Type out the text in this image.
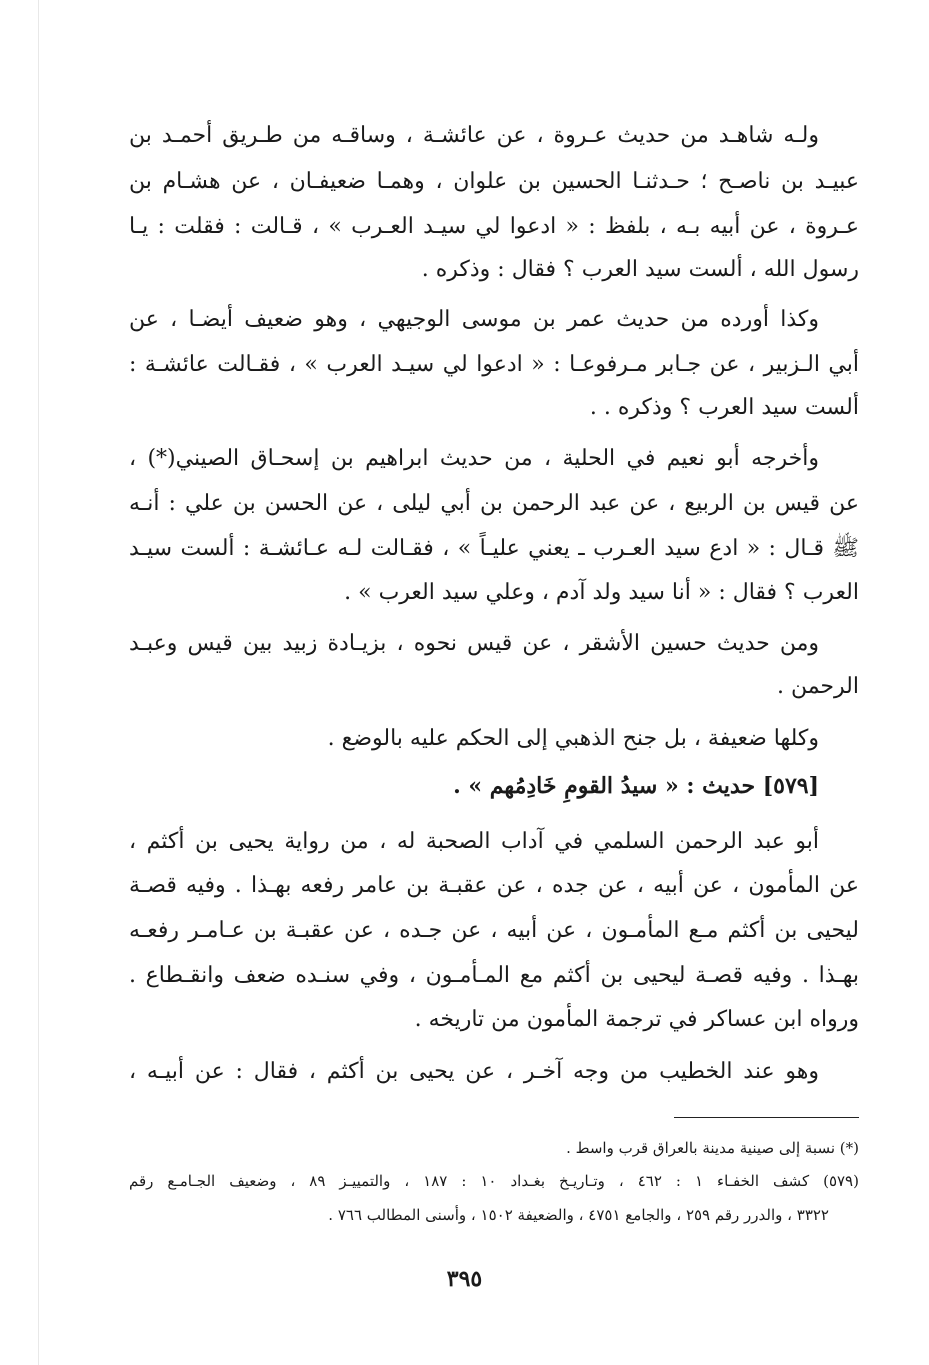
ولـه شاهـد من حديث عـروة ، عن عائشـة ، وساقـه من طـريق أحمـد بن
عبيـد بن ناصـح ؛ حـدثنـا الحسين بن علوان ، وهمـا ضعيفـان ، عن هشـام بن
عـروة ، عن أبيه بـه ، بلفظ : « ادعوا لي سيـد العـرب » ، قـالت : فقلت : يـا
رسول الله ، ألست سيد العرب ؟ فقال : وذكره .
وكذا أورده من حديث عمر بن موسى الوجيهي ، وهو ضعيف أيضـا ، عن
أبي الـزبير ، عن جـابر مـرفوعـا : « ادعوا لي سيـد العرب » ، فقـالت عائشـة :
ألست سيد العرب ؟ وذكره . .
وأخرجه أبو نعيم في الحلية ، من حديث ابراهيم بن إسحـاق الصيني(*) ،
عن قيس بن الربيع ، عن عبد الرحمن بن أبي ليلى ، عن الحسن بن علي : أنـه
ﷺ قـال : « ادع سيد العـرب ـ يعني عليـاً » ، فقـالت لـه عـائشـة : ألست سيـد
العرب ؟ فقال : « أنا سيد ولد آدم ، وعلي سيد العرب » .
ومن حديث حسين الأشقر ، عن قيس نحوه ، بزيـادة زبيد بين قيس وعبـد
الرحمن .
وكلها ضعيفة ، بل جنح الذهبي إلى الحكم عليه بالوضع .
[٥٧٩] حديث : « سيدُ القومِ خَادِمُهم » .
أبو عبد الرحمن السلمي في آداب الصحبة له ، من رواية يحيى بن أكثم ،
عن المأمون ، عن أبيه ، عن جده ، عن عقبـة بن عامر رفعه بهـذا . وفيه قصـة
ليحيى بن أكثم مـع المأمـون ، عن أبيه ، عن جـده ، عن عقبـة بن عـامـر رفعـه
بهـذا . وفيه قصـة ليحيى بن أكثم مع المـأمـون ، وفي سنـده ضعف وانقـطاع .
ورواه ابن عساكر في ترجمة المأمون من تاريخه .
وهو عند الخطيب من وجه آخـر ، عن يحيى بن أكثم ، فقال : عن أبيـه ،
(*) نسبة إلى صينية مدينة بالعراق قرب واسط .
(٥٧٩) كشف الخفـاء ١ : ٤٦٢ ، وتـاريـخ بغـداد ١٠ : ١٨٧ ، والتمييـز ٨٩ ، وضعيف الجـامـع رقم
٣٣٢٢ ، والدرر رقم ٢٥٩ ، والجامع ٤٧٥١ ، والضعيفة ١٥٠٢ ، وأسنى المطالب ٧٦٦ .
٣٩٥
